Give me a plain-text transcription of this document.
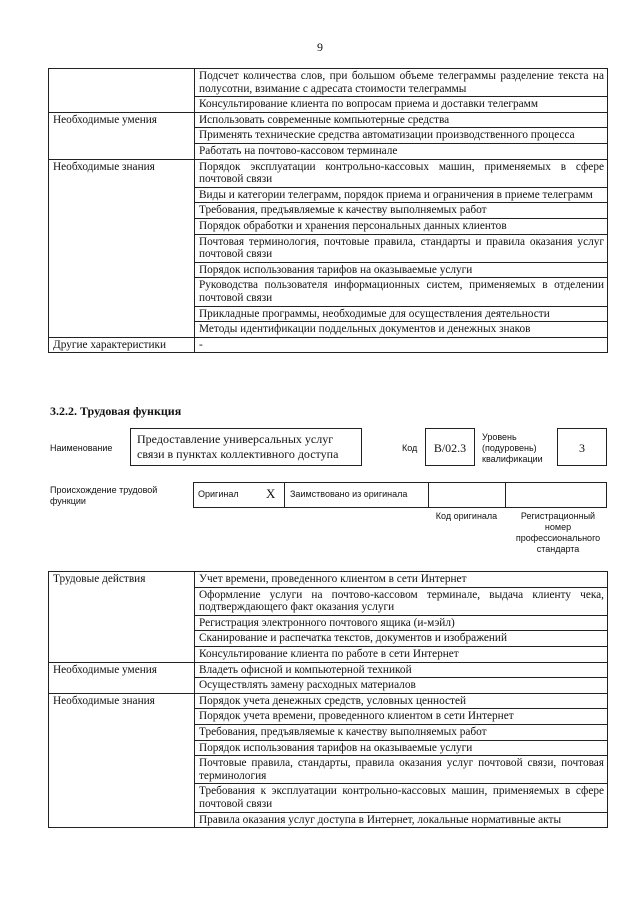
9
	Подсчет количества слов, при большом объеме телеграммы разделение текста на полусотни, взимание с адресата стоимости телеграммы
	Консультирование клиента по вопросам приема и доставки телеграмм
Необходимые умения	Использовать современные компьютерные средства
	Применять технические средства автоматизации производственного процесса
	Работать на почтово-кассовом терминале
Необходимые знания	Порядок эксплуатации контрольно-кассовых машин, применяемых в сфере почтовой связи
	Виды и категории телеграмм, порядок приема и ограничения в приеме телеграмм
	Требования, предъявляемые к качеству выполняемых работ
	Порядок обработки и хранения персональных данных клиентов
	Почтовая терминология, почтовые правила, стандарты и правила оказания услуг почтовой связи
	Порядок использования тарифов на оказываемые услуги
	Руководства пользователя информационных систем, применяемых в отделении почтовой связи
	Прикладные программы, необходимые для осуществления деятельности
	Методы идентификации поддельных документов и денежных знаков
Другие характеристики	-
3.2.2. Трудовая функция
Наименование
Предоставление универсальных услуг связи в пунктах коллективного доступа	Код	В/02.3
Уровень (подуровень) квалификации
3
Происхождение трудовой функции
Оригинал X Заимствовано из оригинала
Код оригинала	Регистрационный номер профессионального стандарта
Трудовые действия	Учет времени, проведенного клиентом в сети Интернет
	Оформление услуги на почтово-кассовом терминале, выдача клиенту чека, подтверждающего факт оказания услуги
	Регистрация электронного почтового ящика (и-мэйл)
	Сканирование и распечатка текстов, документов и изображений
	Консультирование клиента по работе в сети Интернет
Необходимые умения	Владеть офисной и компьютерной техникой
	Осуществлять замену расходных материалов
Необходимые знания	Порядок учета денежных средств, условных ценностей
	Порядок учета времени, проведенного клиентом в сети Интернет
	Требования, предъявляемые к качеству выполняемых работ
	Порядок использования тарифов на оказываемые услуги
	Почтовые правила, стандарты, правила оказания услуг почтовой связи, почтовая терминология
	Требования к эксплуатации контрольно-кассовых машин, применяемых в сфере почтовой связи
	Правила оказания услуг доступа в Интернет, локальные нормативные акты
